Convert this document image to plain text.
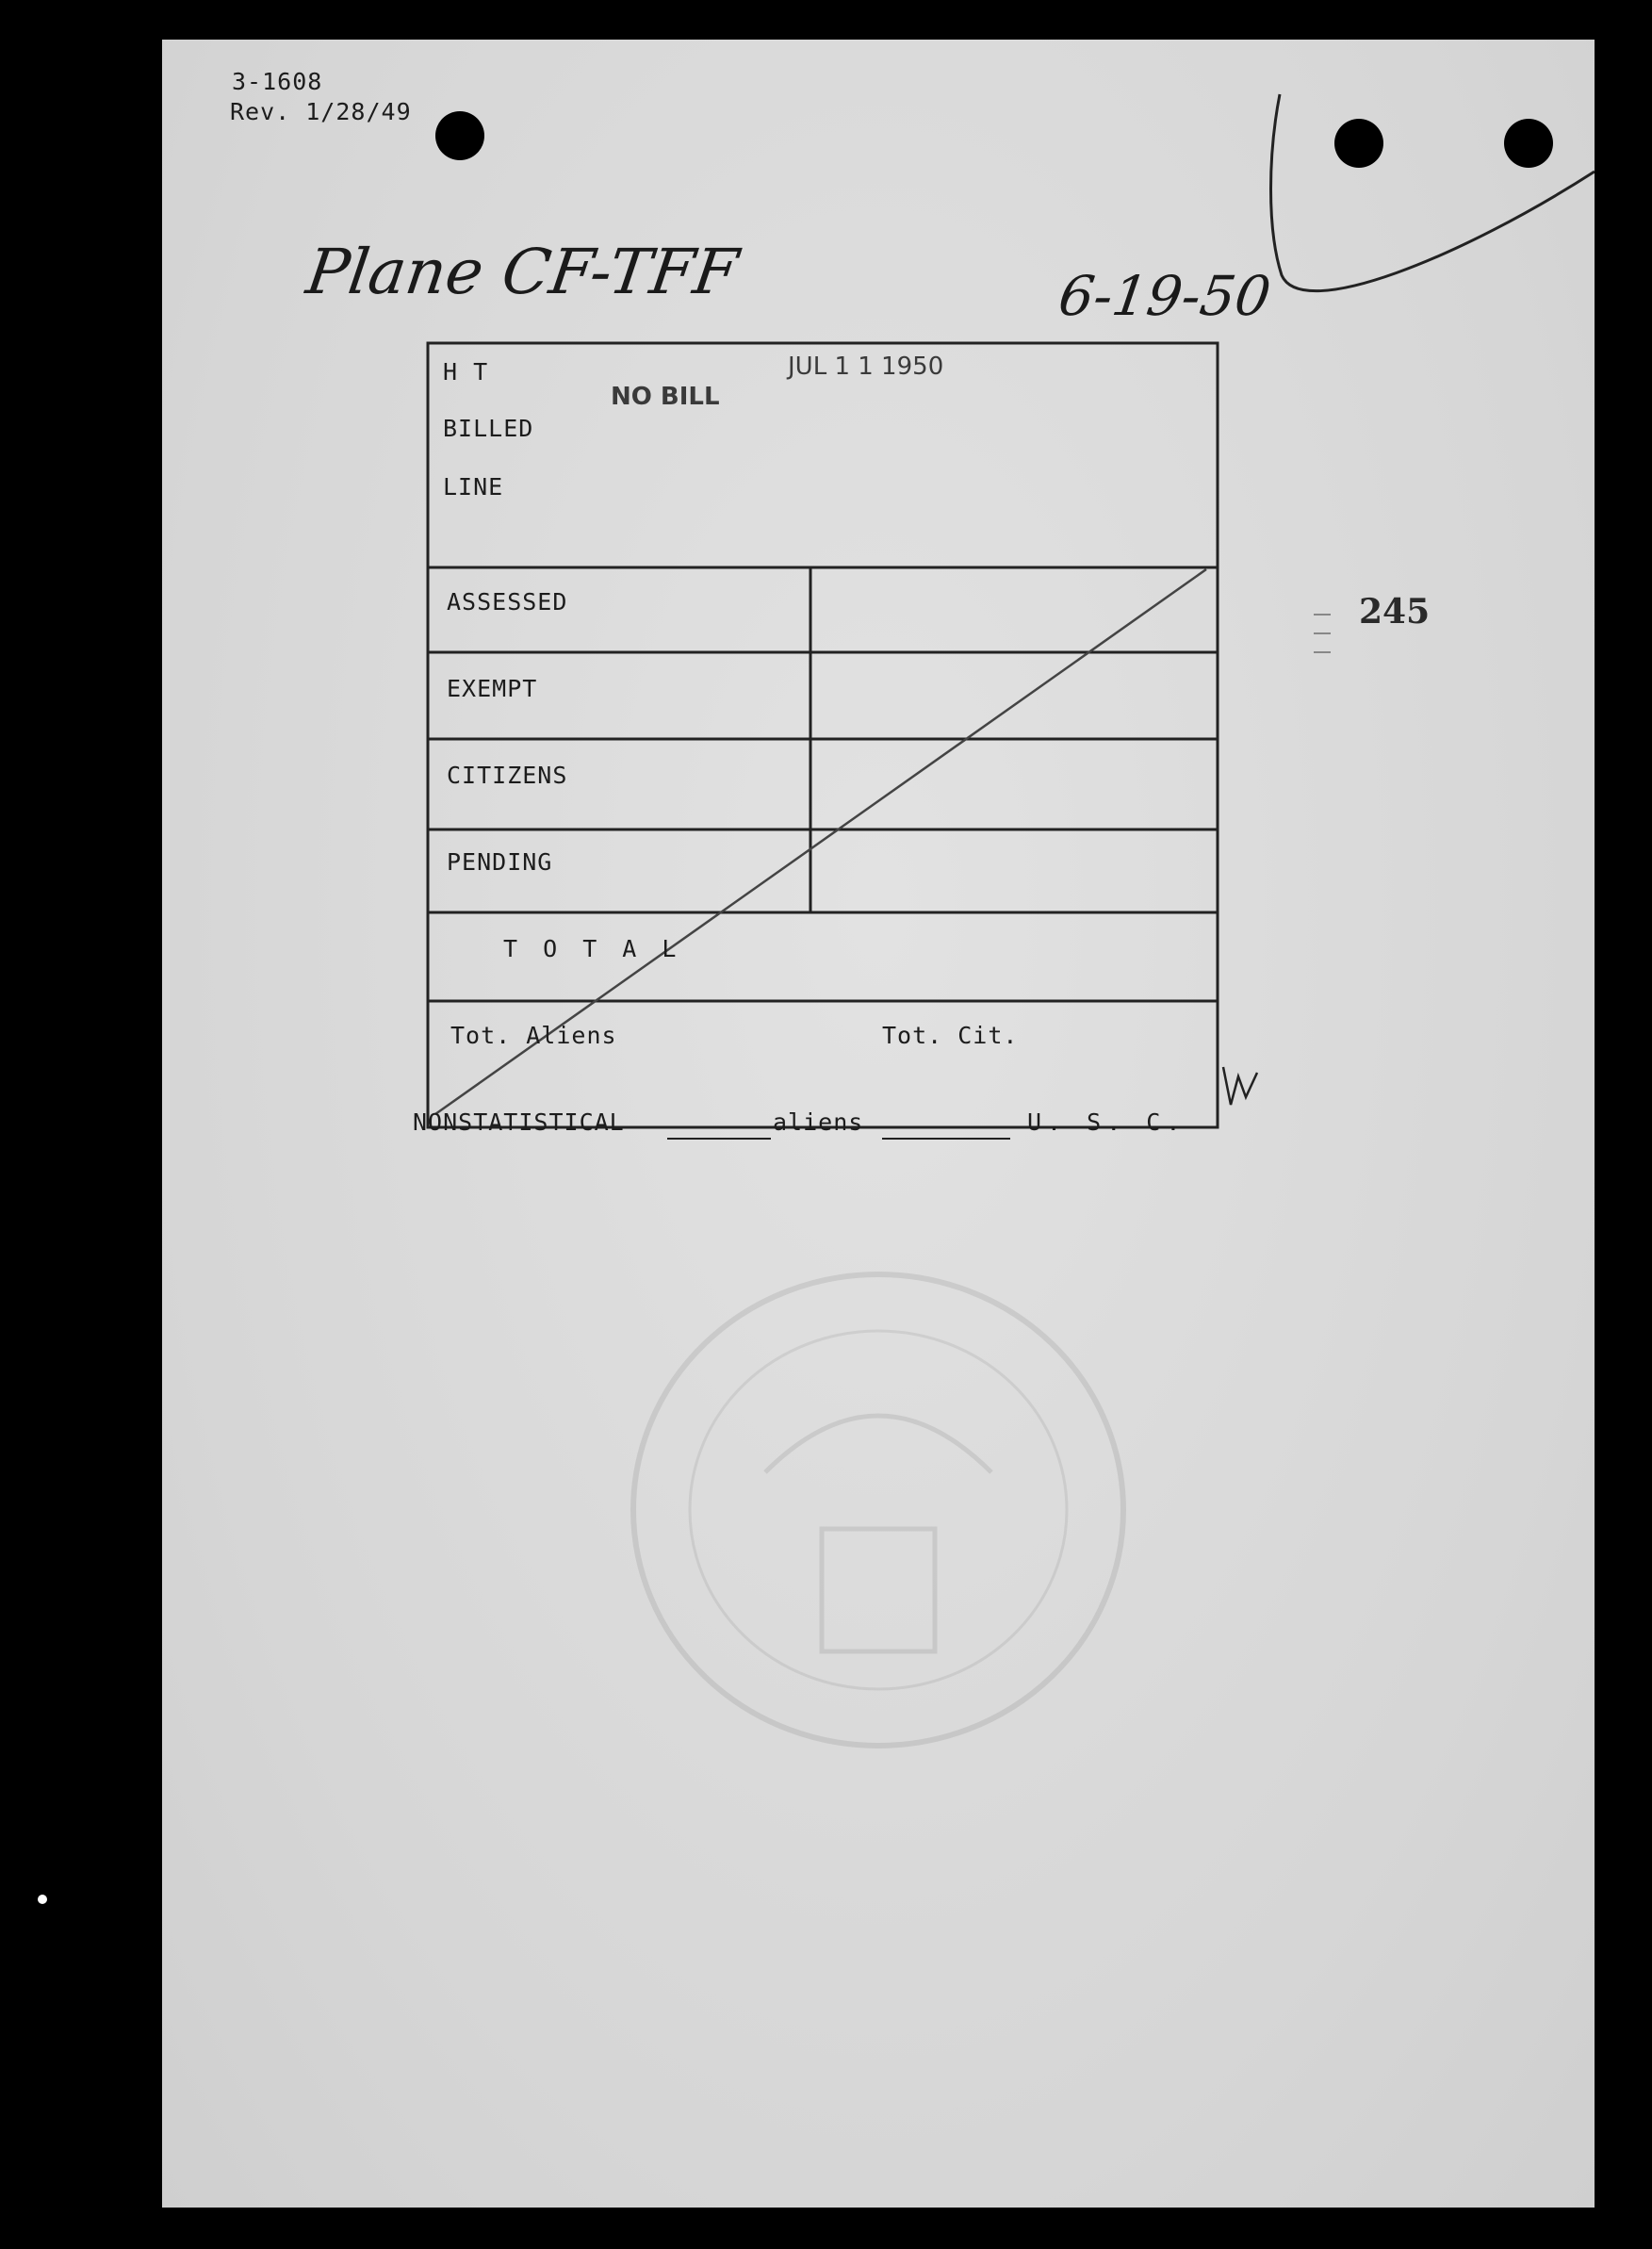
3-1608
Rev. 1/28/49
Plane CF-TFF	6-19-50
H T
BILLED
LINE
NO BILL
JUL 1 1 1950
245
ASSESSED
EXEMPT
CITIZENS
PENDING
T O T A L
Tot. Aliens	Tot. Cit.
NONSTATISTICAL	aliens	U. S. C.
